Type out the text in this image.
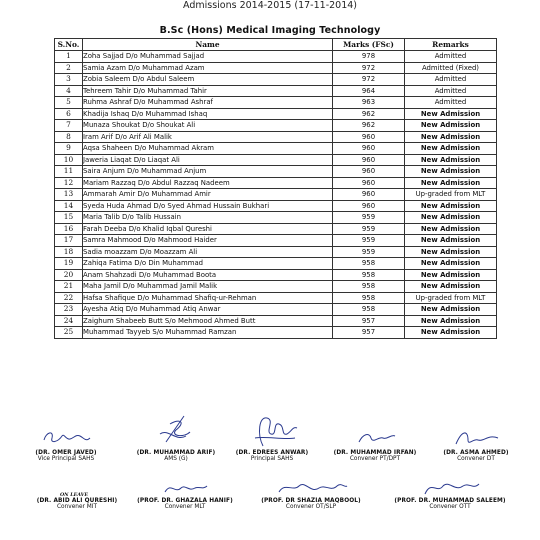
Admissions 2014-2015 (17-11-2014)
B.Sc (Hons) Medical Imaging Technology
S.No.	Name	Marks (FSc)	Remarks
1	Zoha Sajjad D/o Muhammad Sajjad	978	Admitted
2	Samia Azam D/o Muhammad Azam	972	Admitted (Fixed)
3	Zobia Saleem D/o Abdul Saleem	972	Admitted
4	Tehreem Tahir D/o Muhammad Tahir	964	Admitted
5	Ruhma Ashraf D/o Muhammad Ashraf	963	Admitted
6	Khadija Ishaq D/o Muhammad Ishaq	962	New Admission
7	Munaza Shoukat D/o Shoukat Ali	962	New Admission
8	Iram Arif D/o Arif Ali Malik	960	New Admission
9	Aqsa Shaheen D/o Muhammad Akram	960	New Admission
10	Jaweria Liaqat D/o Liaqat Ali	960	New Admission
11	Saira Anjum D/o Muhammad Anjum	960	New Admission
12	Mariam Razzaq D/o Abdul Razzaq Nadeem	960	New Admission
13	Ammarah Amir D/o Muhammad Amir	960	Up-graded from MLT
14	Syeda Huda Ahmad D/o Syed Ahmad Hussain Bukhari	960	New Admission
15	Maria Talib D/o Talib Hussain	959	New Admission
16	Farah Deeba D/o Khalid Iqbal Qureshi	959	New Admission
17	Samra Mahmood D/o Mahmood Haider	959	New Admission
18	Sadia moazzam D/o Moazzam Ali	959	New Admission
19	Zahiqa Fatima D/o Din Muhammad	958	New Admission
20	Anam Shahzadi D/o Muhammad Boota	958	New Admission
21	Maha Jamil D/o Muhammad Jamil Malik	958	New Admission
22	Hafsa Shafique D/o Muhammad Shafiq-ur-Rehman	958	Up-graded from MLT
23	Ayesha Atiq D/o Muhammad Atiq Anwar	958	New Admission
24	Zaighum Shabeeb Butt S/o Mehmood Ahmed Butt	957	New Admission
25	Muhammad Tayyeb S/o Muhammad Ramzan	957	New Admission
(DR. OMER JAVED)
Vice Principal SAHS
(DR. MUHAMMAD ARIF)
AMS (G)
(DR. EDREES ANWAR)
Principal SAHS
(DR. MUHAMMAD IRFAN)
Convener PT/DPT
(DR. ASMA AHMED)
Convener DT
ON LEAVE
(DR. ABID ALI QURESHI)
Convener MIT
(PROF. DR. GHAZALA HANIF)
Convener MLT
(PROF. DR SHAZIA MAQBOOL)
Convener OT/SLP
(PROF. DR. MUHAMMAD SALEEM)
Convener OTT
